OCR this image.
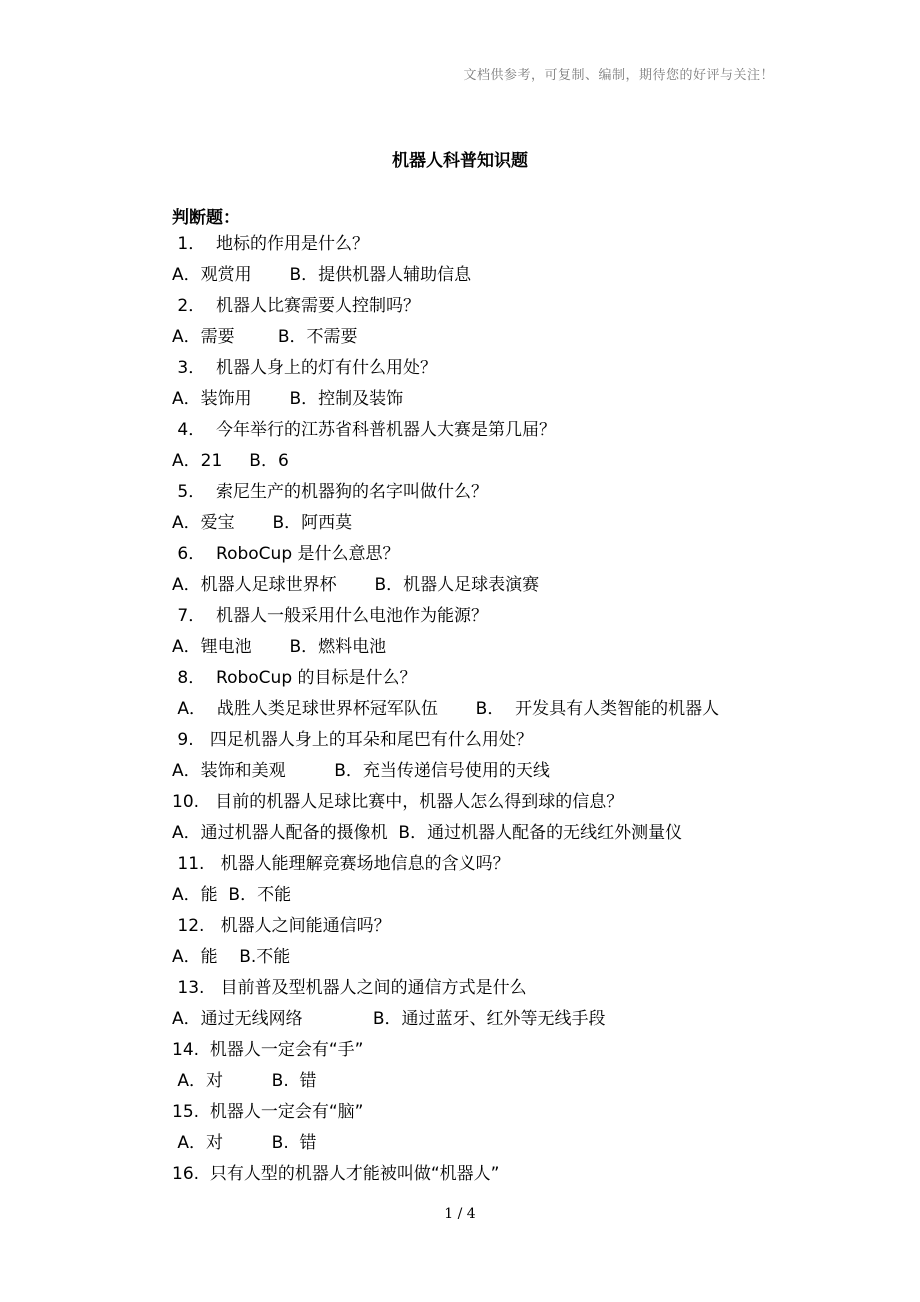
文档供参考，可复制、编制，期待您的好评与关注！
机器人科普知识题
判断题：
1．  地标的作用是什么？
A．观赏用       B．提供机器人辅助信息
2．  机器人比赛需要人控制吗？
A．需要        B．不需要
3．  机器人身上的灯有什么用处？
A．装饰用       B．控制及装饰
4．  今年举行的江苏省科普机器人大赛是第几届？
A．21     B．6
5．  索尼生产的机器狗的名字叫做什么？
A．爱宝       B．阿西莫
6．  RoboCup 是什么意思？
A．机器人足球世界杯       B．机器人足球表演赛
7．  机器人一般采用什么电池作为能源？
A．锂电池       B．燃料电池
8．  RoboCup 的目标是什么？
A．  战胜人类足球世界杯冠军队伍       B．  开发具有人类智能的机器人
9.   四足机器人身上的耳朵和尾巴有什么用处？
A．装饰和美观         B．充当传递信号使用的天线
10.   目前的机器人足球比赛中，机器人怎么得到球的信息？
A．通过机器人配备的摄像机  B．通过机器人配备的无线红外测量仪
11.   机器人能理解竞赛场地信息的含义吗？
A．能  B．不能
12.   机器人之间能通信吗？
A．能    B.不能
13.   目前普及型机器人之间的通信方式是什么
A．通过无线网络             B．通过蓝牙、红外等无线手段
14.  机器人一定会有“手”
A．对         B.  错
15.  机器人一定会有“脑”
A．对         B.  错
16.  只有人型的机器人才能被叫做“机器人”
1 / 4
